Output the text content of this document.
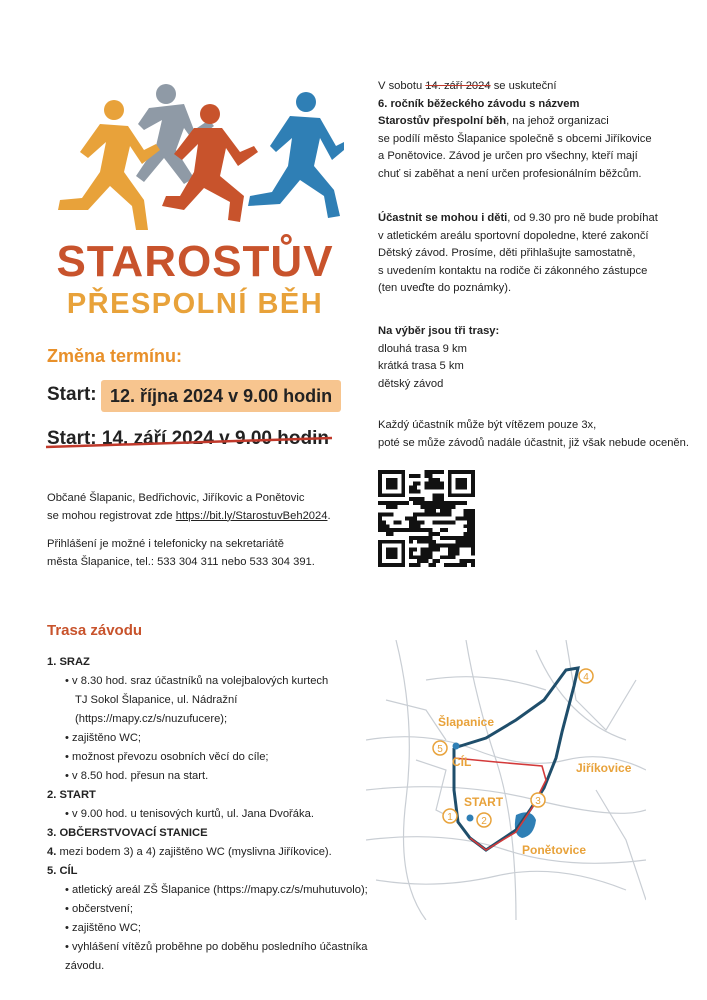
STAROSTŮV
PŘESPOLNÍ BĚH
Změna termínu:
Start: 12. října 2024 v 9.00 hodin
Start: 14. září 2024 v 9.00 hodin
V sobotu 14. září 2024 se uskuteční
6. ročník běžeckého závodu s názvem
Starostův přespolní běh, na jehož organizaci
se podílí město Šlapanice společně s obcemi Jiříkovice
a Ponětovice. Závod je určen pro všechny, kteří mají
chuť si zaběhat a není určen profesionálním běžcům.
Účastnit se mohou i děti, od 9.30 pro ně bude probíhat
v atletickém areálu sportovní dopoledne, které zakončí
Dětský závod. Prosíme, děti přihlašujte samostatně,
s uvedením kontaktu na rodiče či zákonného zástupce
(ten uveďte do poznámky).
Na výběr jsou tři trasy:
dlouhá trasa 9 km
krátká trasa 5 km
dětský závod
Každý účastník může být vítězem pouze 3x,
poté se může závodů nadále účastnit, již však nebude oceněn.
Občané Šlapanic, Bedřichovic, Jiříkovic a Ponětovic
se mohou registrovat zde https://bit.ly/StarostuvBeh2024.
Přihlášení je možné i telefonicky na sekretariátě
města Šlapanice, tel.: 533 304 311 nebo 533 304 391.
Trasa závodu
1. SRAZ
• v 8.30 hod. sraz účastníků na volejbalových kurtech
TJ Sokol Šlapanice, ul. Nádražní (https://mapy.cz/s/nuzufucere);
• zajištěno WC;
• možnost převozu osobních věcí do cíle;
• v 8.50 hod. přesun na start.
2. START
• v 9.00 hod. u tenisových kurtů, ul. Jana Dvořáka.
3. OBČERSTVOVACÍ STANICE
4. mezi bodem 3) a 4) zajištěno WC (myslivna Jiříkovice).
5. CÍL
• atletický areál ZŠ Šlapanice (https://mapy.cz/s/muhutuvolo);
• občerstvení;
• zajištěno WC;
• vyhlášení vítězů proběhne po doběhu posledního účastníka závodu.
1	2
3
4
5
Šlapanice
CÍL
START
Jiříkovice
Ponětovice
